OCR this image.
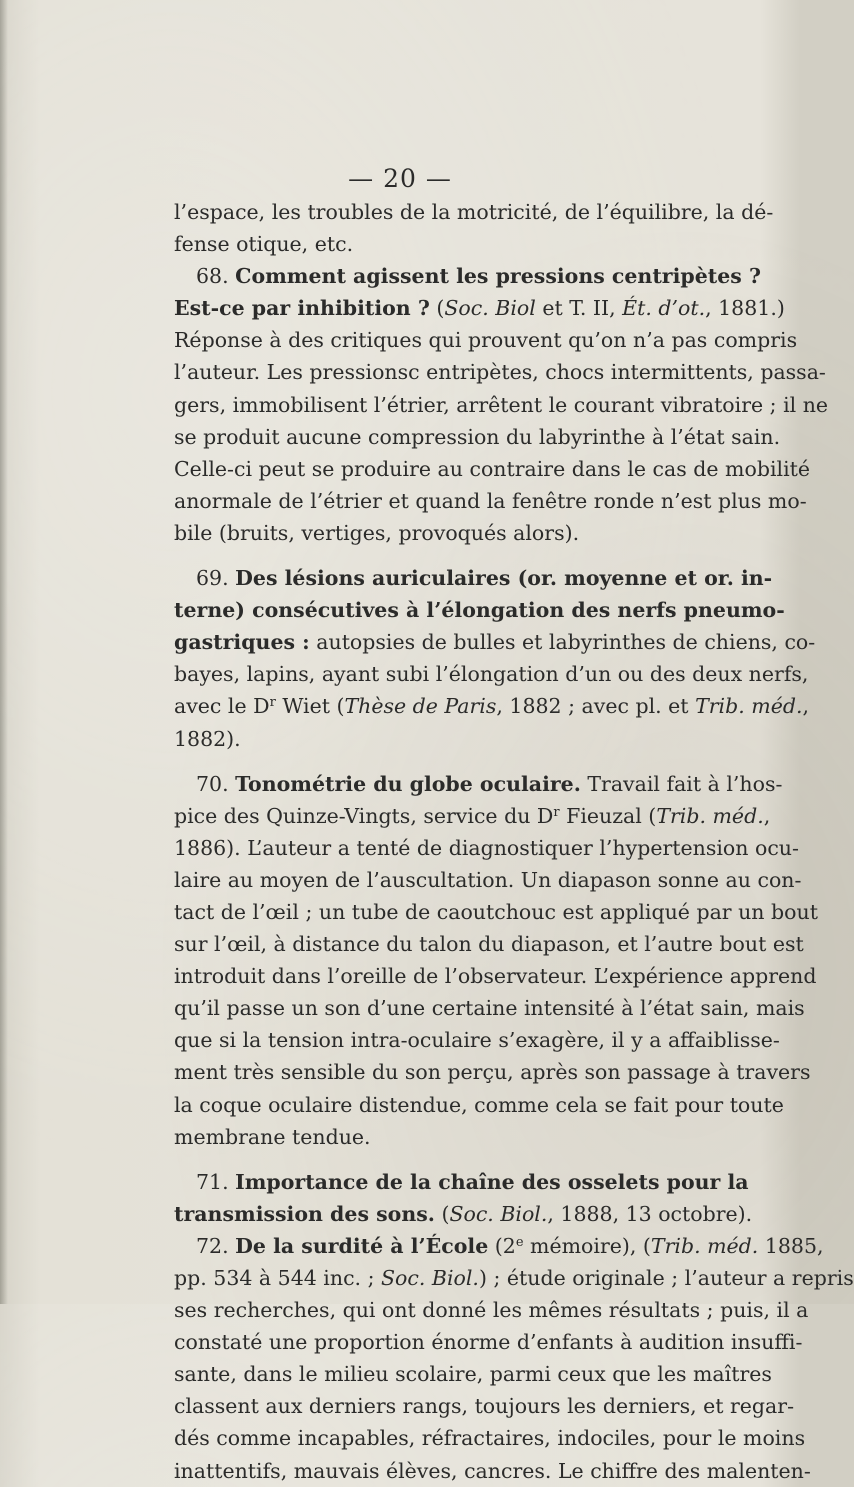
— 20 —
l’espace, les troubles de la motricité, de l’équilibre, la dé-
fense otique, etc.
68. Comment agissent les pressions centripètes ?
Est-ce par inhibition ? (Soc. Biol et T. II, Ét. d’ot., 1881.)
Réponse à des critiques qui prouvent qu’on n’a pas compris
l’auteur. Les pressionsc entripètes, chocs intermittents, passa-
gers, immobilisent l’étrier, arrêtent le courant vibratoire ; il ne
se produit aucune compression du labyrinthe à l’état sain.
Celle-ci peut se produire au contraire dans le cas de mobilité
anormale de l’étrier et quand la fenêtre ronde n’est plus mo-
bile (bruits, vertiges, provoqués alors).
69. Des lésions auriculaires (or. moyenne et or. in-
terne) consécutives à l’élongation des nerfs pneumo-
gastriques : autopsies de bulles et labyrinthes de chiens, co-
bayes, lapins, ayant subi l’élongation d’un ou des deux nerfs,
avec le $D^r$ Wiet (Thèse de Paris, 1882 ; avec pl. et Trib. méd.,
1882).
70. Tonométrie du globe oculaire. Travail fait à l’hos-
pice des Quinze-Vingts, service du $D^r$ Fieuzal (Trib. méd.,
1886). L’auteur a tenté de diagnostiquer l’hypertension ocu-
laire au moyen de l’auscultation. Un diapason sonne au con-
tact de l’œil ; un tube de caoutchouc est appliqué par un bout
sur l’œil, à distance du talon du diapason, et l’autre bout est
introduit dans l’oreille de l’observateur. L’expérience apprend
qu’il passe un son d’une certaine intensité à l’état sain, mais
que si la tension intra-oculaire s’exagère, il y a affaiblisse-
ment très sensible du son perçu, après son passage à travers
la coque oculaire distendue, comme cela se fait pour toute
membrane tendue.
71. Importance de la chaîne des osselets pour la
transmission des sons. (Soc. Biol., 1888, 13 octobre).
72. De la surdité à l’École (2e mémoire), (Trib. méd. 1885,
pp. 534 à 544 inc. ; Soc. Biol.) ; étude originale ; l’auteur a repris
ses recherches, qui ont donné les mêmes résultats ; puis, il a
constaté une proportion énorme d’enfants à audition insuffi-
sante, dans le milieu scolaire, parmi ceux que les maîtres
classent aux derniers rangs, toujours les derniers, et regar-
dés comme incapables, réfractaires, indociles, pour le moins
inattentifs, mauvais élèves, cancres. Le chiffre des malenten-
